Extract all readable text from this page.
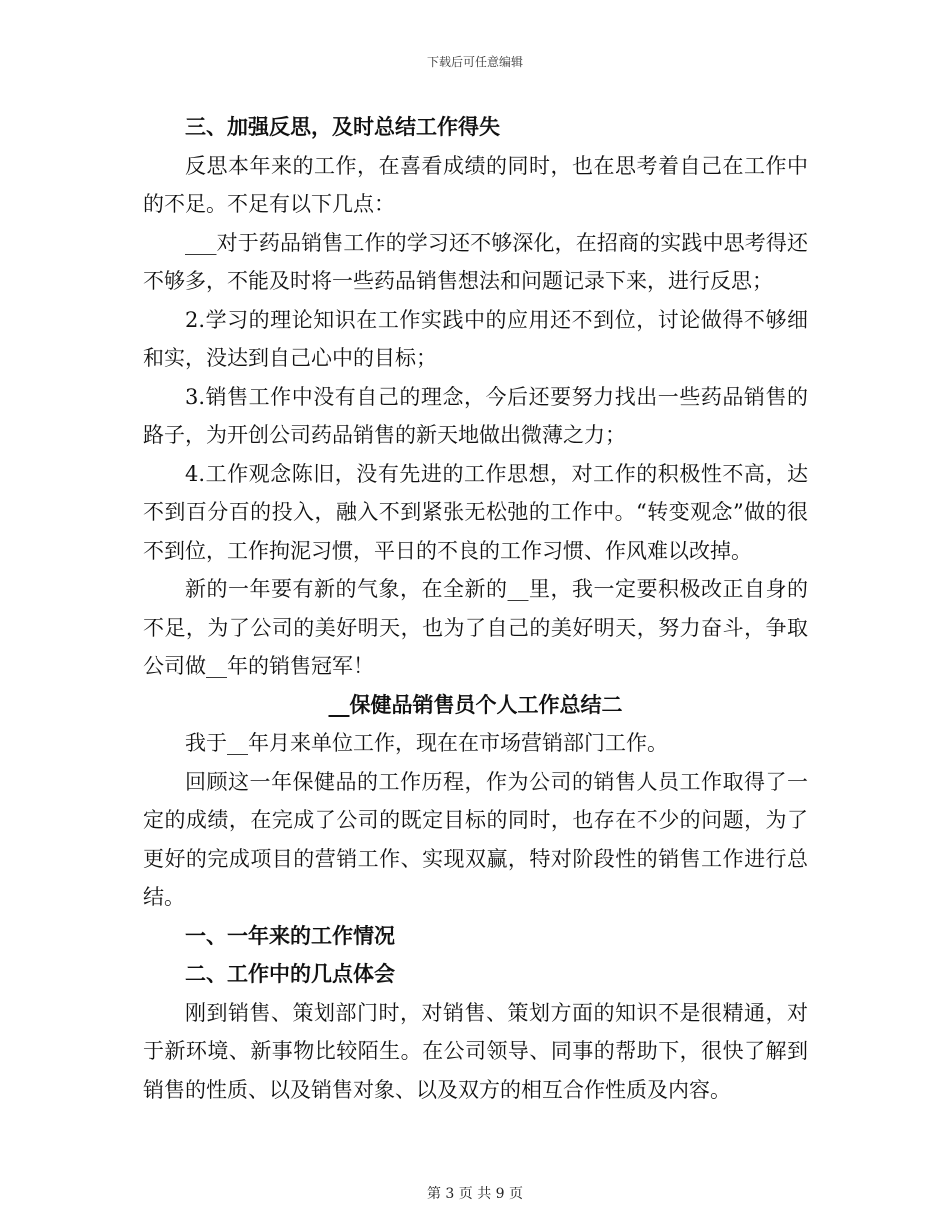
下载后可任意编辑

三、加强反思，及时总结工作得失

反思本年来的工作，在喜看成绩的同时，也在思考着自己在工作中的不足。不足有以下几点：

___对于药品销售工作的学习还不够深化，在招商的实践中思考得还不够多，不能及时将一些药品销售想法和问题记录下来，进行反思；

2.学习的理论知识在工作实践中的应用还不到位，讨论做得不够细和实，没达到自己心中的目标；

3.销售工作中没有自己的理念，今后还要努力找出一些药品销售的路子，为开创公司药品销售的新天地做出微薄之力；

4.工作观念陈旧，没有先进的工作思想，对工作的积极性不高，达不到百分百的投入，融入不到紧张无松弛的工作中。“转变观念”做的很不到位，工作拘泥习惯，平日的不良的工作习惯、作风难以改掉。

新的一年要有新的气象，在全新的__里，我一定要积极改正自身的不足，为了公司的美好明天，也为了自己的美好明天，努力奋斗，争取公司做__年的销售冠军！

__保健品销售员个人工作总结二

我于__年月来单位工作，现在在市场营销部门工作。

回顾这一年保健品的工作历程，作为公司的销售人员工作取得了一定的成绩，在完成了公司的既定目标的同时，也存在不少的问题，为了更好的完成项目的营销工作、实现双赢，特对阶段性的销售工作进行总结。

一、一年来的工作情况

二、工作中的几点体会

刚到销售、策划部门时，对销售、策划方面的知识不是很精通，对于新环境、新事物比较陌生。在公司领导、同事的帮助下，很快了解到销售的性质、以及销售对象、以及双方的相互合作性质及内容。

第 3 页 共 9 页
